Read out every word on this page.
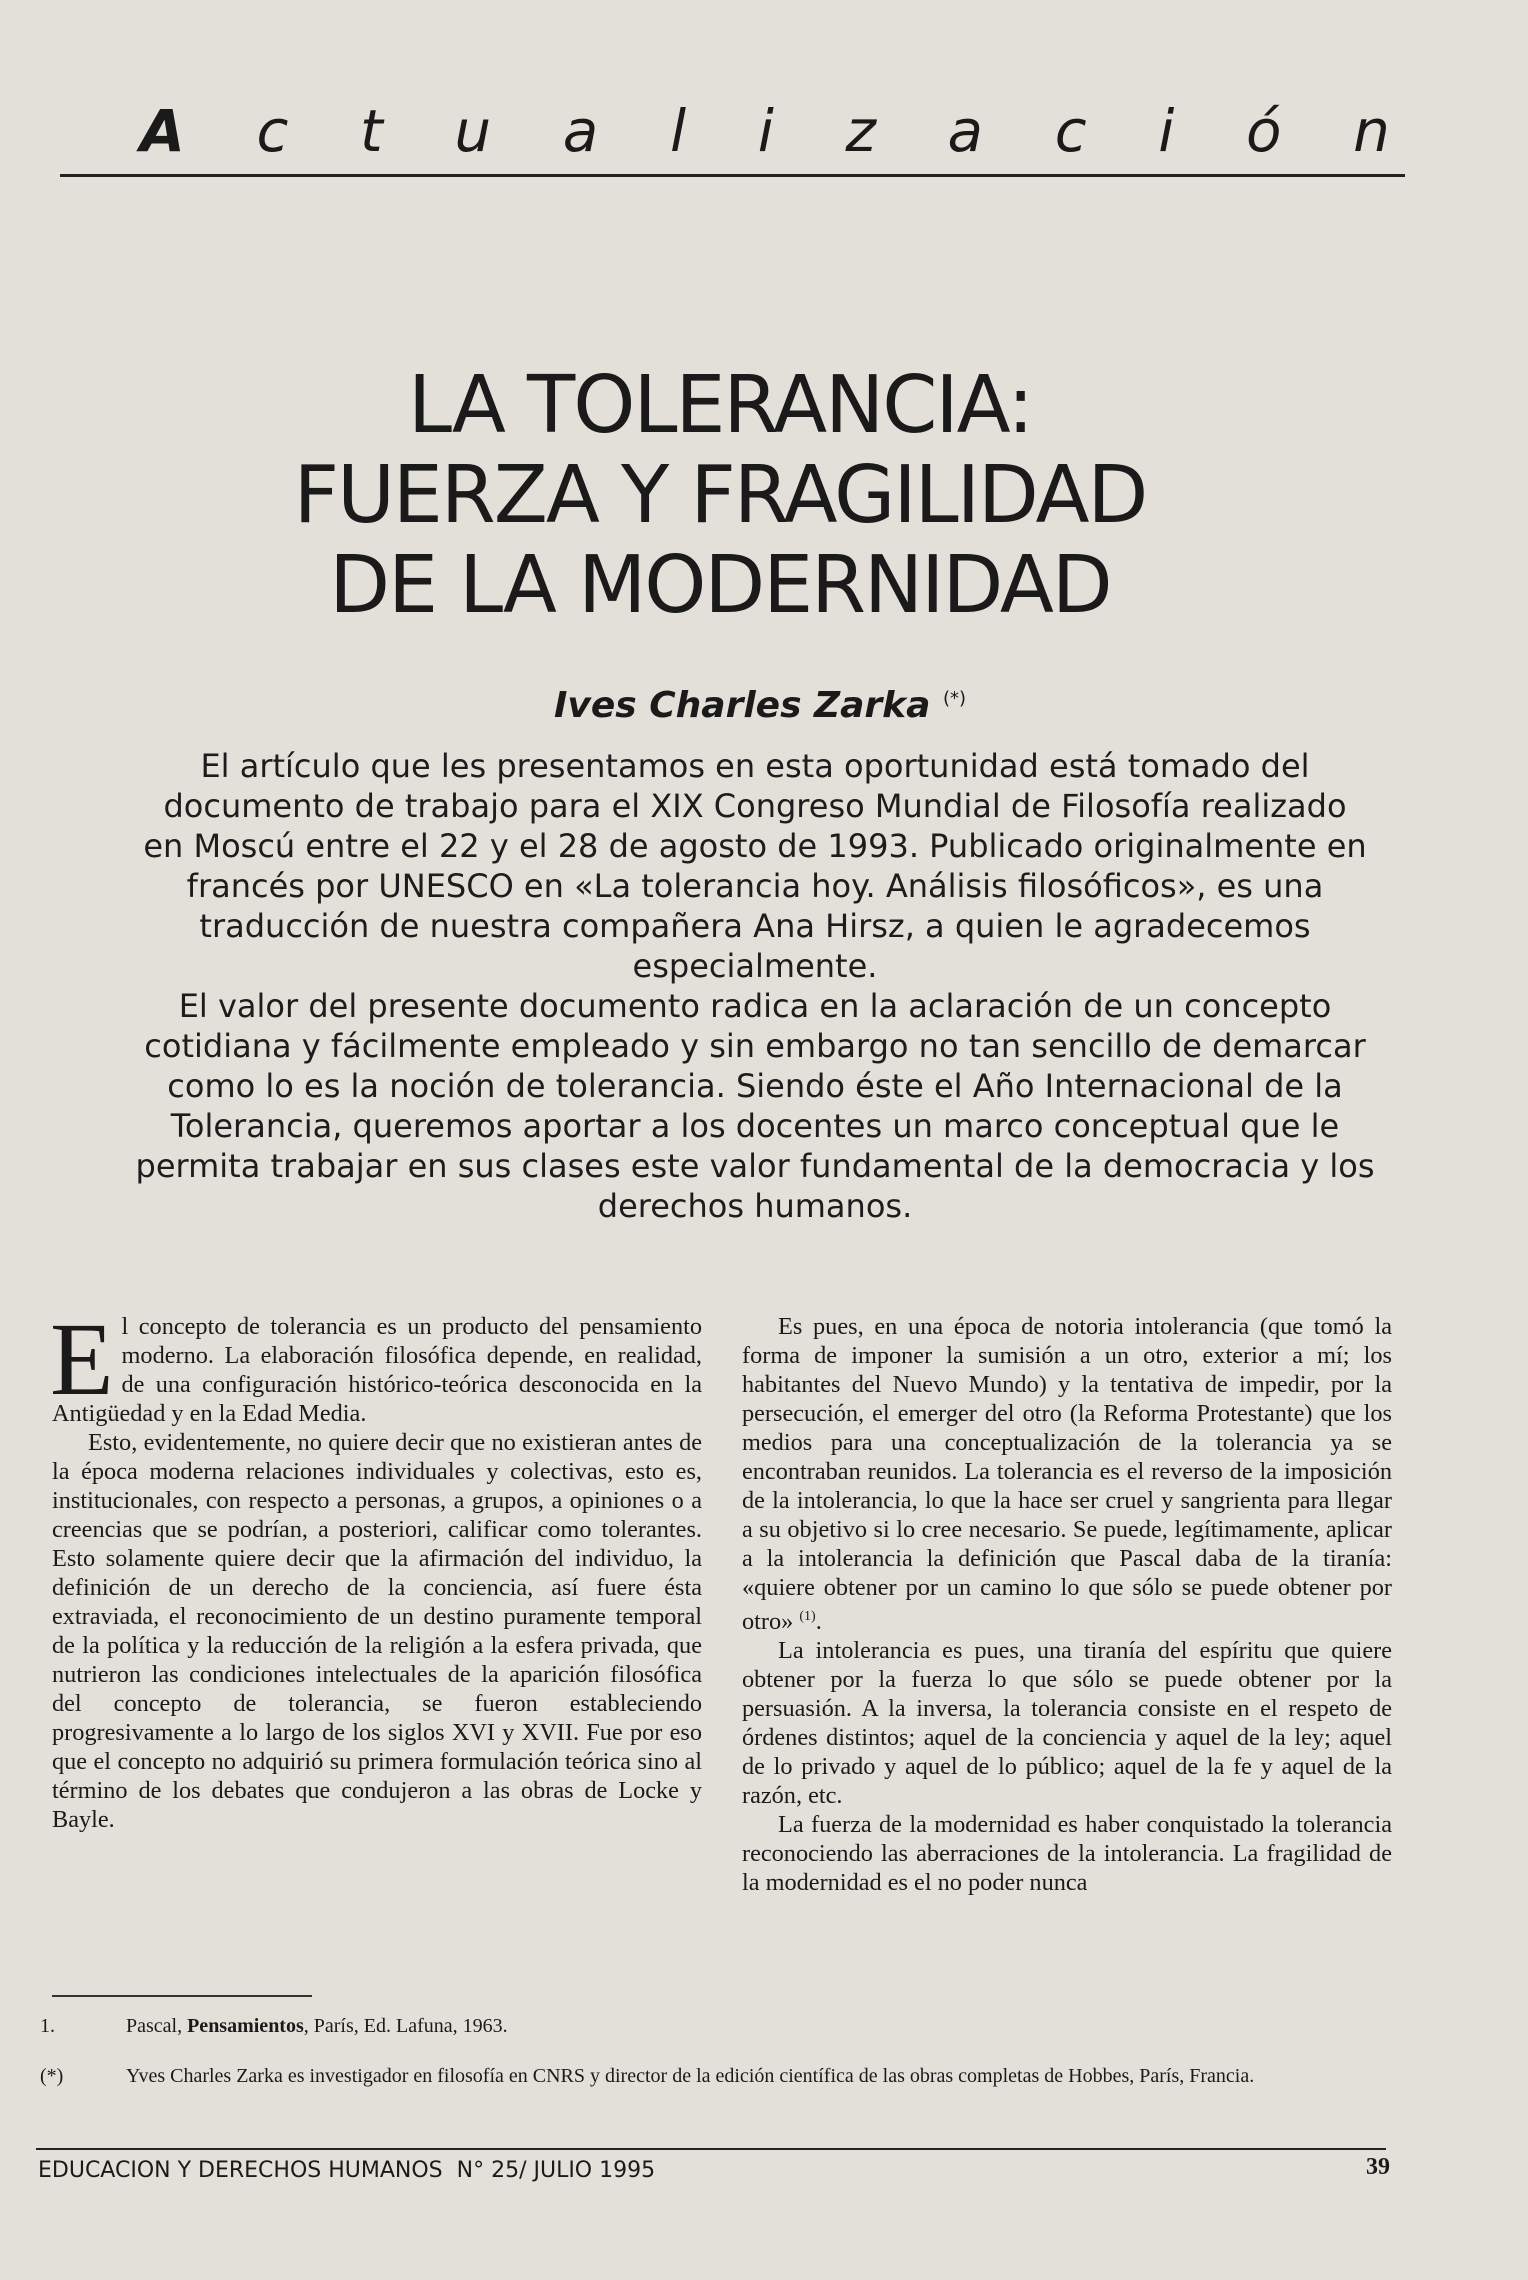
A c t u a l i z a c i ó n
LA TOLERANCIA:
FUERZA Y FRAGILIDAD
DE LA MODERNIDAD
Ives Charles Zarka (*)

El artículo que les presentamos en esta oportunidad está tomado del
documento de trabajo para el XIX Congreso Mundial de Filosofía realizado
en Moscú entre el 22 y el 28 de agosto de 1993. Publicado originalmente en
francés por UNESCO en «La tolerancia hoy. Análisis filosóficos», es una
traducción de nuestra compañera Ana Hirsz, a quien le agradecemos
especialmente.

El valor del presente documento radica en la aclaración de un concepto
cotidiana y fácilmente empleado y sin embargo no tan sencillo de demarcar
como lo es la noción de tolerancia. Siendo éste el Año Internacional de la
Tolerancia, queremos aportar a los docentes un marco conceptual que le
permita trabajar en sus clases este valor fundamental de la democracia y los
derechos humanos.

El concepto de tolerancia es un producto del pensamiento moderno. La elaboración filosófica depende, en realidad, de una configuración histórico-teórica desconocida en la Antigüedad y en la Edad Media.

Esto, evidentemente, no quiere decir que no existieran antes de la época moderna relaciones individuales y colectivas, esto es, institucionales, con respecto a personas, a grupos, a opiniones o a creencias que se podrían, a posteriori, calificar como tolerantes. Esto solamente quiere decir que la afirmación del individuo, la definición de un derecho de la conciencia, así fuere ésta extraviada, el reconocimiento de un destino puramente temporal de la política y la reducción de la religión a la esfera privada, que nutrieron las condiciones intelectuales de la aparición filosófica del concepto de tolerancia, se fueron estableciendo progresivamente a lo largo de los siglos XVI y XVII. Fue por eso que el concepto no adquirió su primera formulación teórica sino al término de los debates que condujeron a las obras de Locke y Bayle.

Es pues, en una época de notoria intolerancia (que tomó la forma de imponer la sumisión a un otro, exterior a mí; los habitantes del Nuevo Mundo) y la tentativa de impedir, por la persecución, el emerger del otro (la Reforma Protestante) que los medios para una conceptualización de la tolerancia ya se encontraban reunidos. La tolerancia es el reverso de la imposición de la intolerancia, lo que la hace ser cruel y sangrienta para llegar a su objetivo si lo cree necesario. Se puede, legítimamente, aplicar a la intolerancia la definición que Pascal daba de la tiranía: «quiere obtener por un camino lo que sólo se puede obtener por otro» $^{(1)}$.

La intolerancia es pues, una tiranía del espíritu que quiere obtener por la fuerza lo que sólo se puede obtener por la persuasión. A la inversa, la tolerancia consiste en el respeto de órdenes distintos; aquel de la conciencia y aquel de la ley; aquel de lo privado y aquel de lo público; aquel de la fe y aquel de la razón, etc.

La fuerza de la modernidad es haber conquistado la tolerancia reconociendo las aberraciones de la intolerancia. La fragilidad de la modernidad es el no poder nunca

1.	Pascal, Pensamientos, París, Ed. Lafuna, 1963.
(*)	Yves Charles Zarka es investigador en filosofía en CNRS y director de la edición científica de las obras completas de Hobbes, París, Francia.
EDUCACION Y DERECHOS HUMANOS  N° 25/ JULIO 1995	39
